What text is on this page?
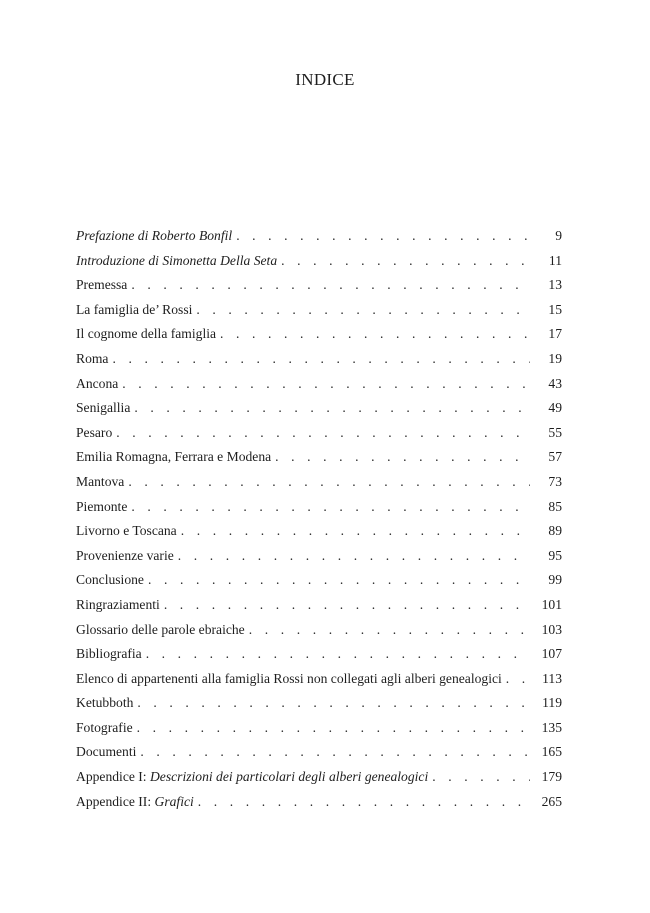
INDICE
Prefazione di Roberto Bonfil . . .	9
Introduzione di Simonetta Della Seta . . .	11
Premessa . . .	13
La famiglia de’ Rossi . . .	15
Il cognome della famiglia . . .	17
Roma . . .	19
Ancona . . .	43
Senigallia . . .	49
Pesaro . . .	55
Emilia Romagna, Ferrara e Modena . . .	57
Mantova . . .	73
Piemonte . . .	85
Livorno e Toscana . . .	89
Provenienze varie . . .	95
Conclusione . . .	99
Ringraziamenti . . .	101
Glossario delle parole ebraiche . . .	103
Bibliografia . . .	107
Elenco di appartenenti alla famiglia Rossi non collegati agli alberi genealogici . . .	113
Ketubboth . . .	119
Fotografie . . .	135
Documenti . . .	165
Appendice I: Descrizioni dei particolari degli alberi genealogici . . .	179
Appendice II: Grafici . . .	265
